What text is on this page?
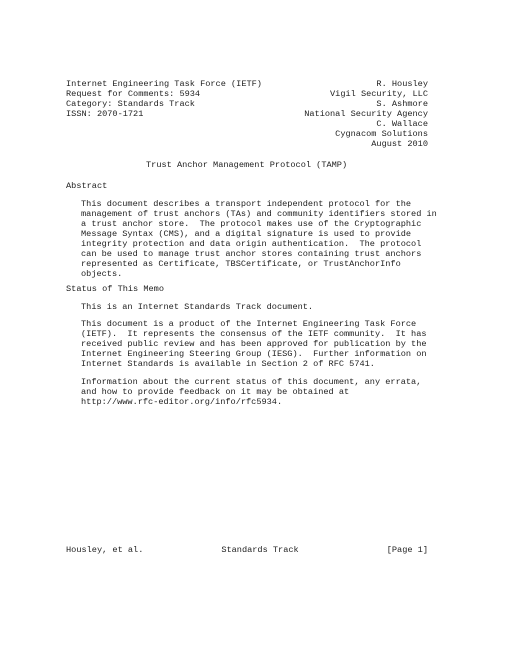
Internet Engineering Task Force (IETF)
Request for Comments: 5934
Category: Standards Track
ISSN: 2070-1721
R. Housley
Vigil Security, LLC
S. Ashmore
National Security Agency
C. Wallace
Cygnacom Solutions
August 2010
Trust Anchor Management Protocol (TAMP)
Abstract
This document describes a transport independent protocol for the
management of trust anchors (TAs) and community identifiers stored in
a trust anchor store.  The protocol makes use of the Cryptographic
Message Syntax (CMS), and a digital signature is used to provide
integrity protection and data origin authentication.  The protocol
can be used to manage trust anchor stores containing trust anchors
represented as Certificate, TBSCertificate, or TrustAnchorInfo
objects.
Status of This Memo
This is an Internet Standards Track document.
This document is a product of the Internet Engineering Task Force
(IETF).  It represents the consensus of the IETF community.  It has
received public review and has been approved for publication by the
Internet Engineering Steering Group (IESG).  Further information on
Internet Standards is available in Section 2 of RFC 5741.
Information about the current status of this document, any errata,
and how to provide feedback on it may be obtained at
http://www.rfc-editor.org/info/rfc5934.
Housley, et al.	Standards Track	[Page 1]
